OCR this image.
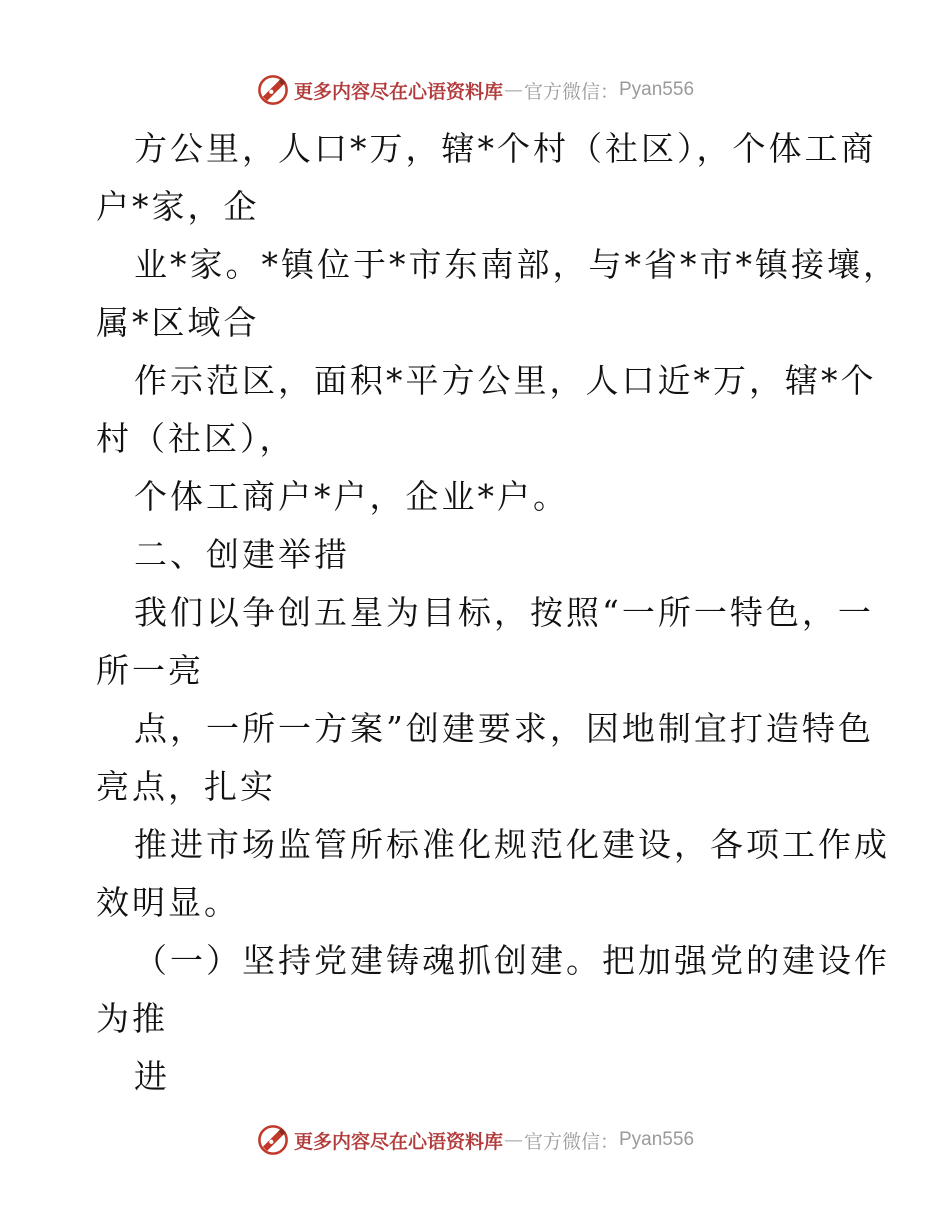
更多内容尽在心语资料库 — 官方微信： Pyan556
方公里，人口*万，辖*个村（社区），个体工商
户*家，企
业*家。*镇位于*市东南部，与*省*市*镇接壤，
属*区域合
作示范区，面积*平方公里，人口近*万，辖*个
村（社区），
个体工商户*户，企业*户。
二、创建举措
我们以争创五星为目标，按照“一所一特色，一
所一亮
点，一所一方案”创建要求，因地制宜打造特色
亮点，扎实
推进市场监管所标准化规范化建设，各项工作成
效明显。
（一）坚持党建铸魂抓创建。把加强党的建设作
为推
进
更多内容尽在心语资料库 — 官方微信： Pyan556
